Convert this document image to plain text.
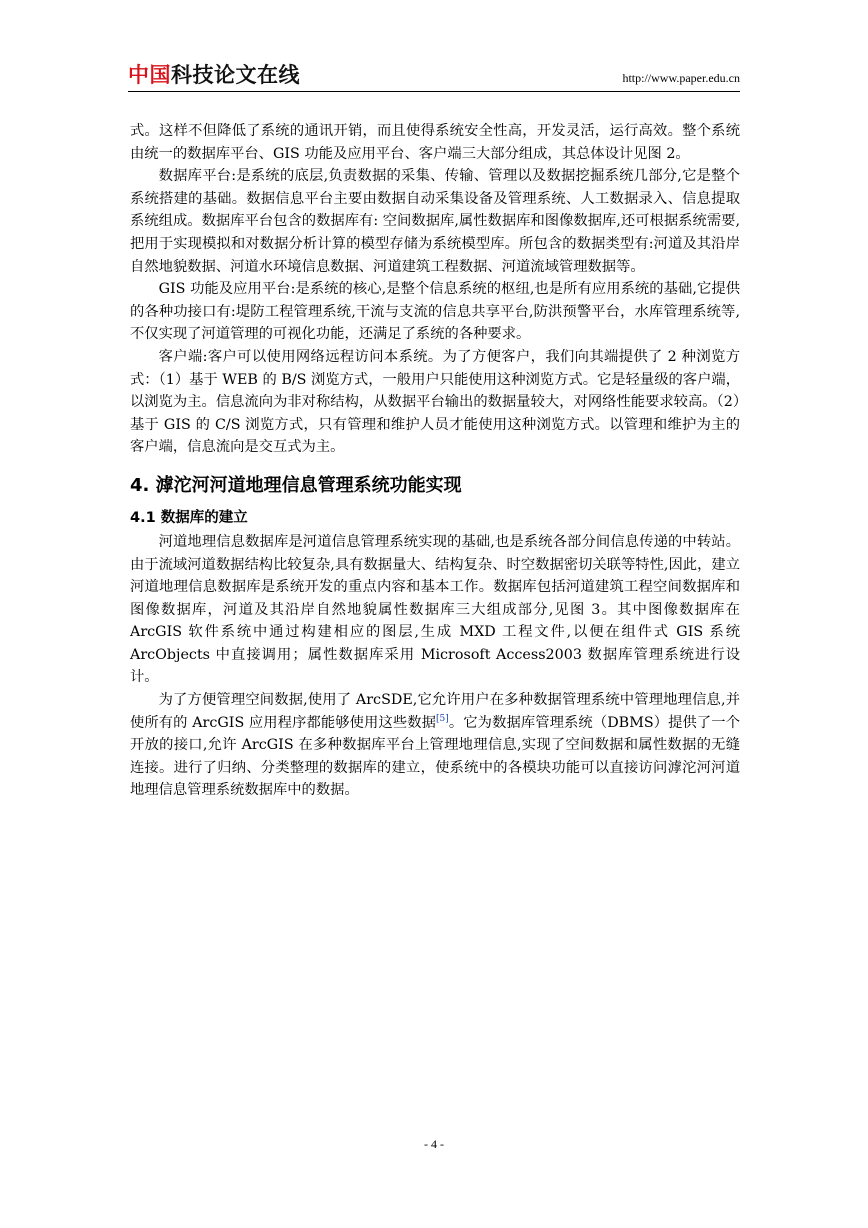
中国科技论文在线	http://www.paper.edu.cn

式。这样不但降低了系统的通讯开销，而且使得系统安全性高，开发灵活，运行高效。整个系统由统一的数据库平台、GIS 功能及应用平台、客户端三大部分组成，其总体设计见图 2。

数据库平台:是系统的底层,负责数据的采集、传输、管理以及数据挖掘系统几部分,它是整个系统搭建的基础。数据信息平台主要由数据自动采集设备及管理系统、人工数据录入、信息提取系统组成。数据库平台包含的数据库有: 空间数据库,属性数据库和图像数据库,还可根据系统需要,把用于实现模拟和对数据分析计算的模型存储为系统模型库。所包含的数据类型有:河道及其沿岸自然地貌数据、河道水环境信息数据、河道建筑工程数据、河道流域管理数据等。

GIS 功能及应用平台:是系统的核心,是整个信息系统的枢纽,也是所有应用系统的基础,它提供的各种功接口有:堤防工程管理系统,干流与支流的信息共享平台,防洪预警平台，水库管理系统等, 不仅实现了河道管理的可视化功能，还满足了系统的各种要求。

客户端:客户可以使用网络远程访问本系统。为了方便客户，我们向其端提供了 2 种浏览方式：（1）基于 WEB 的 B/S 浏览方式，一般用户只能使用这种浏览方式。它是轻量级的客户端，以浏览为主。信息流向为非对称结构，从数据平台输出的数据量较大，对网络性能要求较高。（2）基于 GIS 的 C/S 浏览方式，只有管理和维护人员才能使用这种浏览方式。以管理和维护为主的客户端，信息流向是交互式为主。

4. 滹沱河河道地理信息管理系统功能实现
4.1 数据库的建立

河道地理信息数据库是河道信息管理系统实现的基础,也是系统各部分间信息传递的中转站。由于流域河道数据结构比较复杂,具有数据量大、结构复杂、时空数据密切关联等特性,因此，建立河道地理信息数据库是系统开发的重点内容和基本工作。数据库包括河道建筑工程空间数据库和图像数据库，河道及其沿岸自然地貌属性数据库三大组成部分,见图 3。其中图像数据库在 ArcGIS 软件系统中通过构建相应的图层,生成 MXD 工程文件,以便在组件式 GIS 系统 ArcObjects 中直接调用；属性数据库采用 Microsoft Access2003 数据库管理系统进行设计。

为了方便管理空间数据,使用了 ArcSDE,它允许用户在多种数据管理系统中管理地理信息,并使所有的 ArcGIS 应用程序都能够使用这些数据[5]。它为数据库管理系统（DBMS）提供了一个开放的接口,允许 ArcGIS 在多种数据库平台上管理地理信息,实现了空间数据和属性数据的无缝连接。进行了归纳、分类整理的数据库的建立，使系统中的各模块功能可以直接访问滹沱河河道地理信息管理系统数据库中的数据。

- 4 -
